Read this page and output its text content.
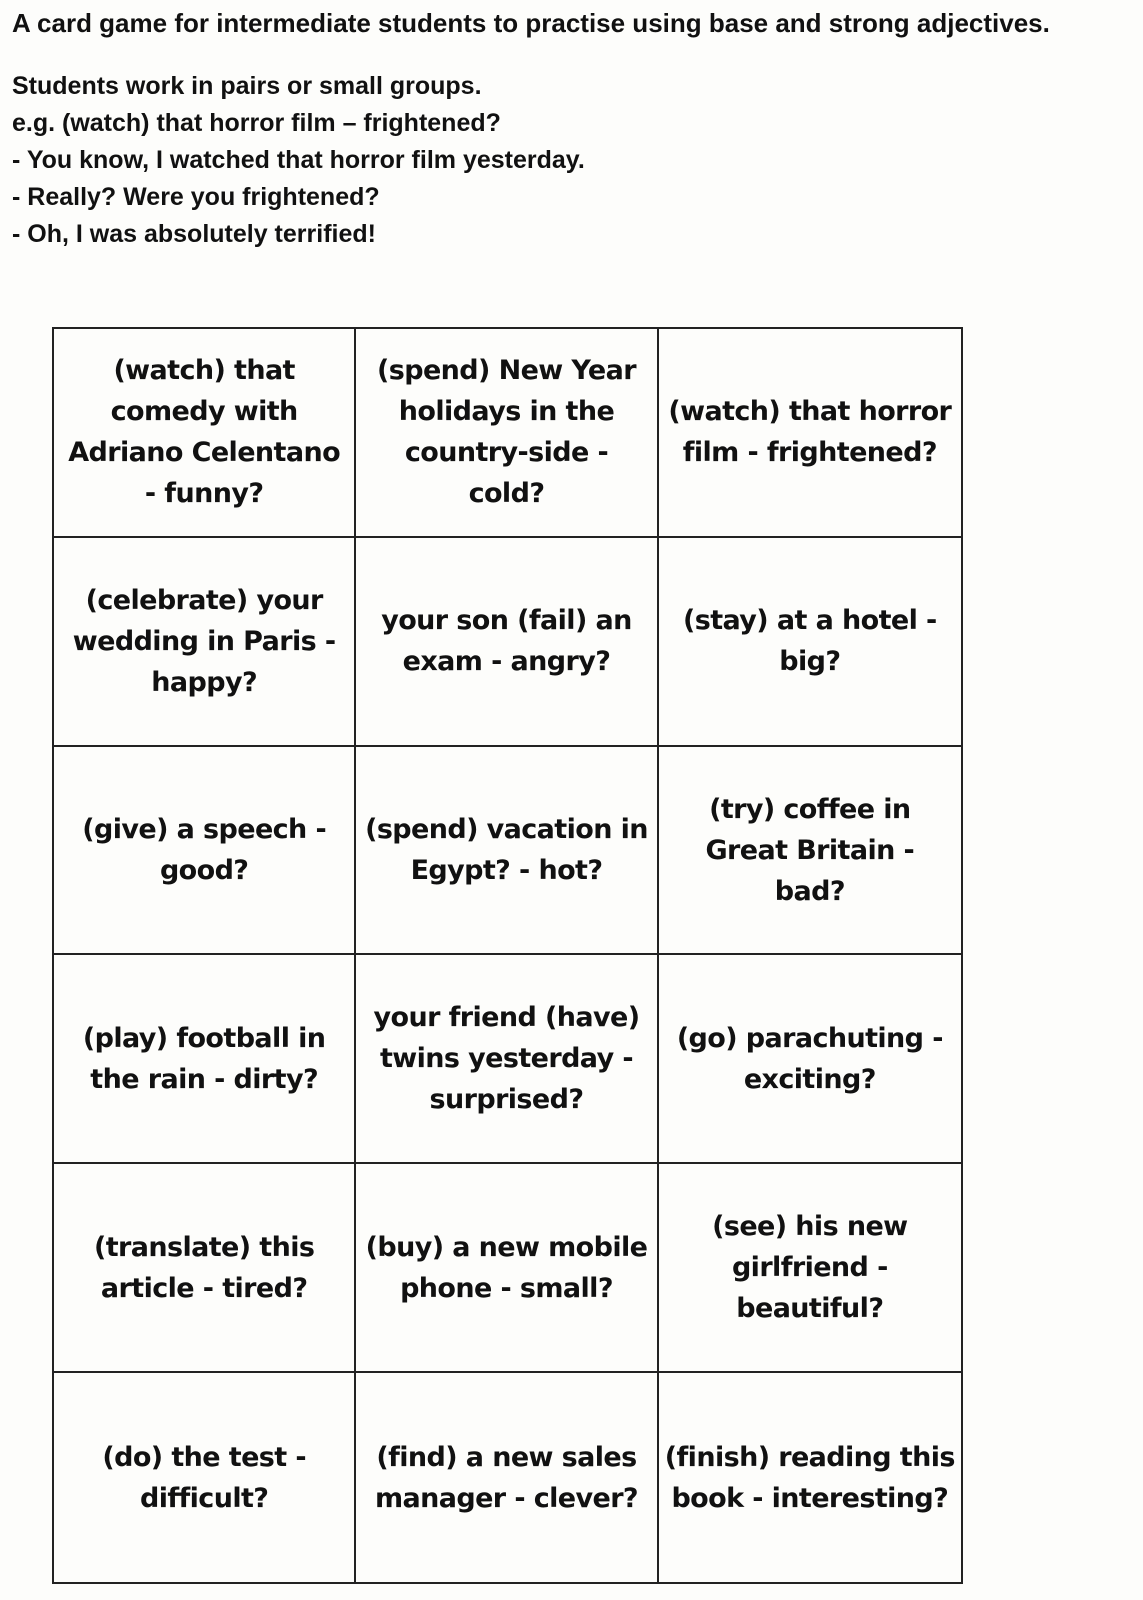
A card game for intermediate students to practise using base and strong adjectives.
Students work in pairs or small groups.
e.g. (watch) that horror film – frightened?
- You know, I watched that horror film yesterday.
- Really? Were you frightened?
- Oh, I was absolutely terrified!
(watch) that
comedy with
Adriano Celentano
- funny?
(spend) New Year
holidays in the
country-side -
cold?
(watch) that horror
film - frightened?
(celebrate) your
wedding in Paris -
happy?
your son (fail) an
exam - angry?
(stay) at a hotel -
big?
(give) a speech -
good?
(spend) vacation in
Egypt? - hot?
(try) coffee in
Great Britain -
bad?
(play) football in
the rain - dirty?
your friend (have)
twins yesterday -
surprised?
(go) parachuting -
exciting?
(translate) this
article - tired?
(buy) a new mobile
phone - small?
(see) his new
girlfriend -
beautiful?
(do) the test -
difficult?
(find) a new sales
manager - clever?
(finish) reading this
book - interesting?
